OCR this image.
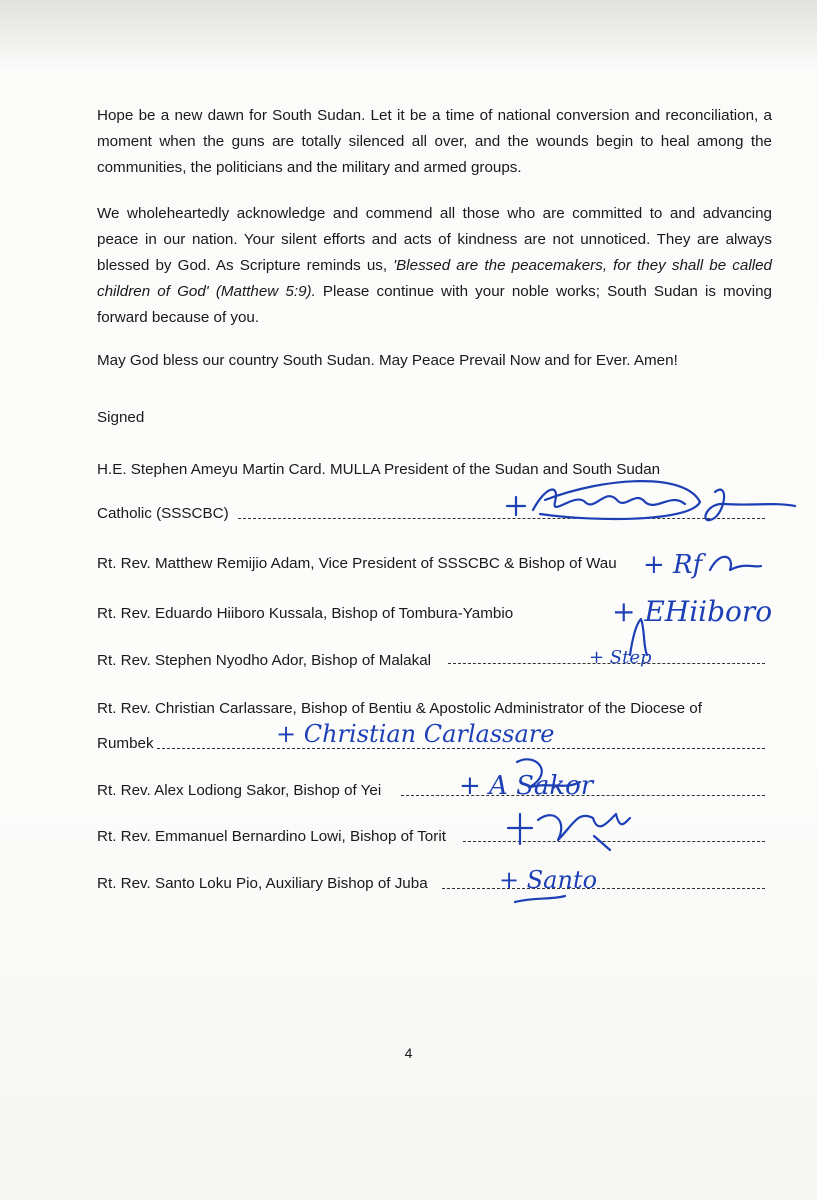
Hope be a new dawn for South Sudan. Let it be a time of national conversion and reconciliation, a moment when the guns are totally silenced all over, and the wounds begin to heal among the communities, the politicians and the military and armed groups.

We wholeheartedly acknowledge and commend all those who are committed to and advancing peace in our nation. Your silent efforts and acts of kindness are not unnoticed. They are always blessed by God. As Scripture reminds us, 'Blessed are the peacemakers, for they shall be called children of God' (Matthew 5:9). Please continue with your noble works; South Sudan is moving forward because of you.

May God bless our country South Sudan. May Peace Prevail Now and for Ever. Amen!

Signed
H.E. Stephen Ameyu Martin Card. MULLA President of the Sudan and South Sudan
Catholic (SSSCBC)
Rt. Rev. Matthew Remijio Adam, Vice President of SSSCBC & Bishop of Wau + Rf
Rt. Rev. Eduardo Hiiboro Kussala, Bishop of Tombura-Yambio	+ EHiiboro
Rt. Rev. Stephen Nyodho Ador, Bishop of Malakal	+ Step
Rt. Rev. Christian Carlassare, Bishop of Bentiu & Apostolic Administrator of the Diocese of
Rumbek	+ Christian Carlassare
Rt. Rev. Alex Lodiong Sakor, Bishop of Yei	+ A Sakor
Rt. Rev. Emmanuel Bernardino Lowi, Bishop of Torit
Rt. Rev. Santo Loku Pio, Auxiliary Bishop of Juba	+ Santo
4
